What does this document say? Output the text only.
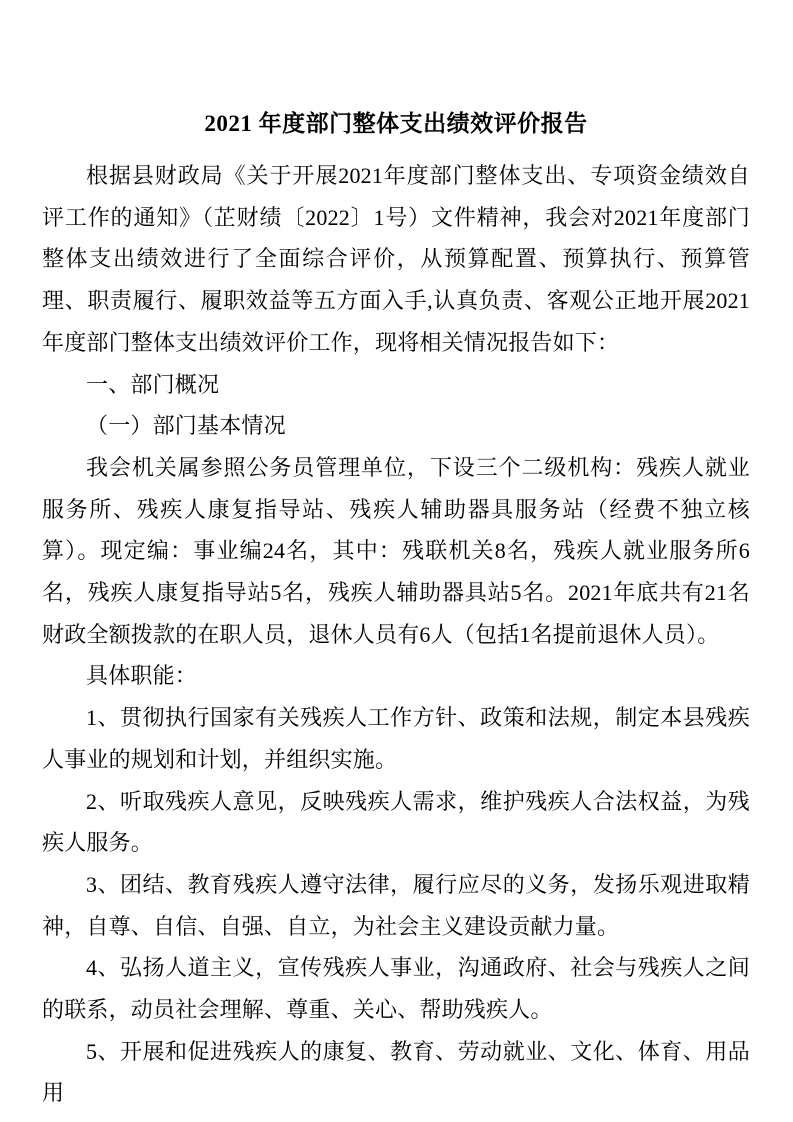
2021 年度部门整体支出绩效评价报告

根据县财政局《关于开展2021年度部门整体支出、专项资金绩效自评工作的通知》（芷财绩〔2022〕1号）文件精神，我会对2021年度部门整体支出绩效进行了全面综合评价，从预算配置、预算执行、预算管理、职责履行、履职效益等五方面入手,认真负责、客观公正地开展2021年度部门整体支出绩效评价工作，现将相关情况报告如下：

一、部门概况

（一）部门基本情况

我会机关属参照公务员管理单位，下设三个二级机构：残疾人就业服务所、残疾人康复指导站、残疾人辅助器具服务站（经费不独立核算）。现定编：事业编24名，其中：残联机关8名，残疾人就业服务所6名，残疾人康复指导站5名，残疾人辅助器具站5名。2021年底共有21名财政全额拨款的在职人员，退休人员有6人（包括1名提前退休人员）。

具体职能：

1、贯彻执行国家有关残疾人工作方针、政策和法规，制定本县残疾人事业的规划和计划，并组织实施。

2、听取残疾人意见，反映残疾人需求，维护残疾人合法权益，为残疾人服务。

3、团结、教育残疾人遵守法律，履行应尽的义务，发扬乐观进取精神，自尊、自信、自强、自立，为社会主义建设贡献力量。

4、弘扬人道主义，宣传残疾人事业，沟通政府、社会与残疾人之间的联系，动员社会理解、尊重、关心、帮助残疾人。

5、开展和促进残疾人的康复、教育、劳动就业、文化、体育、用品用
